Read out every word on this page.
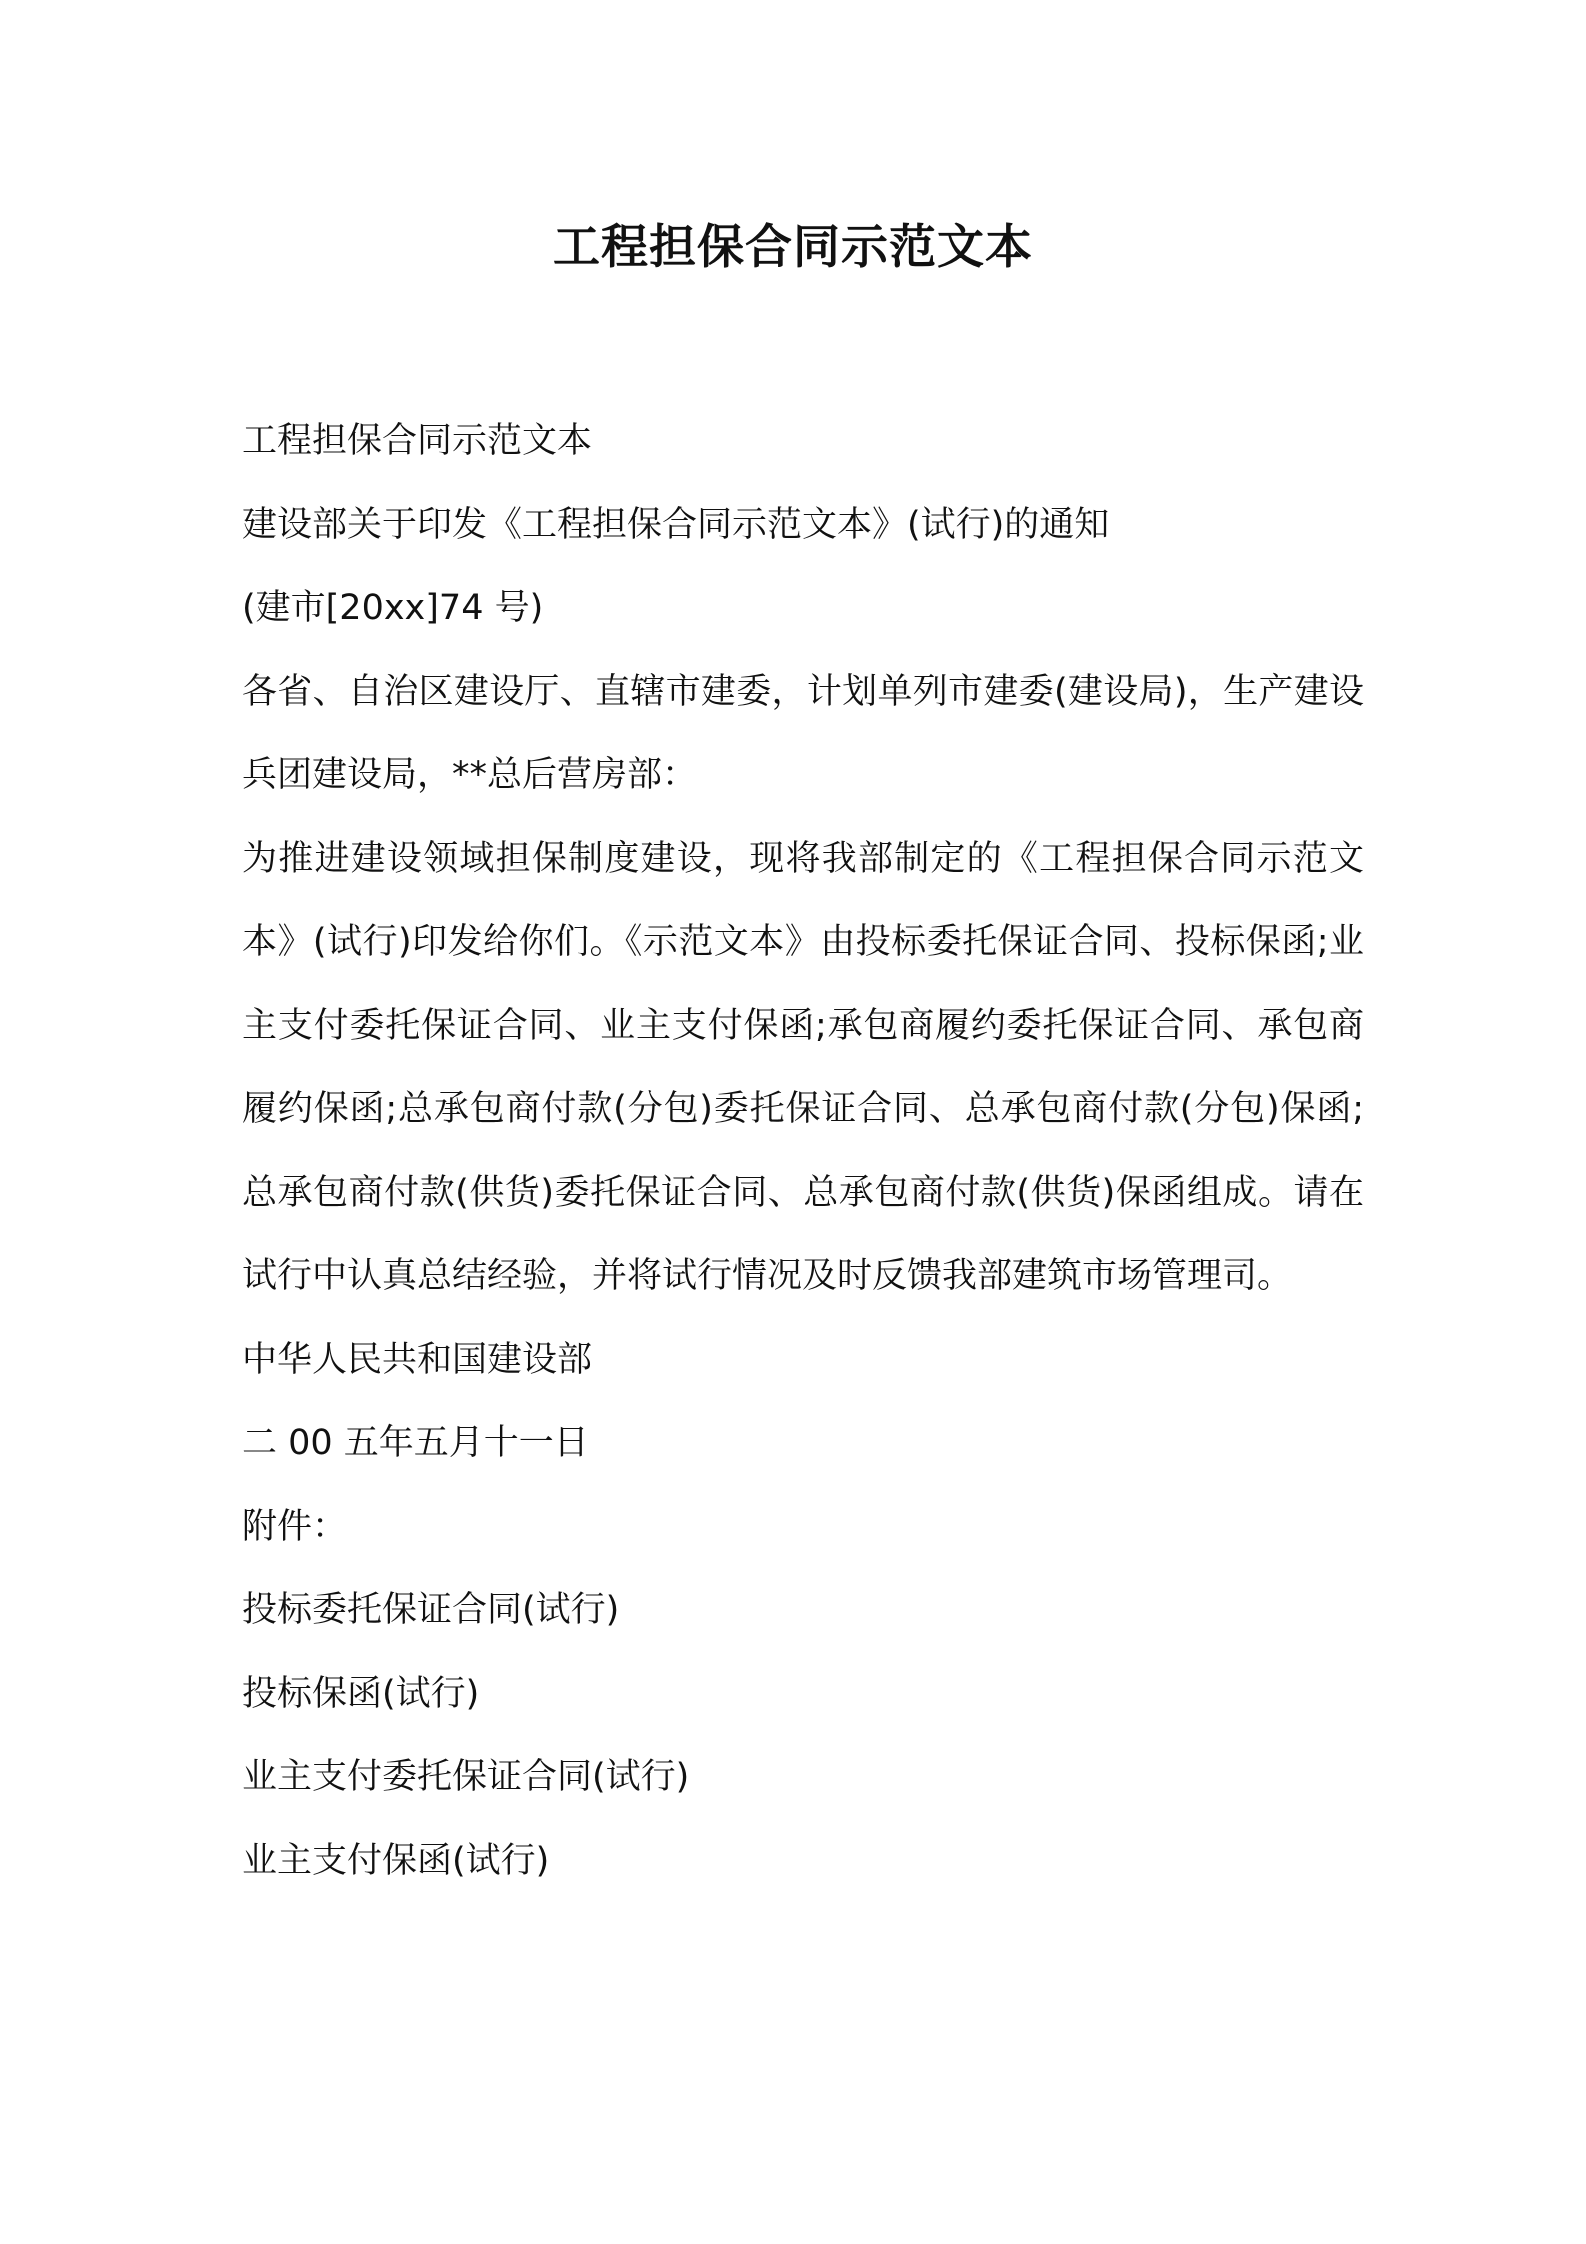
工程担保合同示范文本

工程担保合同示范文本

建设部关于印发《工程担保合同示范文本》(试行)的通知

(建市[20xx]74 号)

各省、自治区建设厅、直辖市建委，计划单列市建委(建设局)，生产建设兵团建设局，**总后营房部：

为推进建设领域担保制度建设，现将我部制定的《工程担保合同示范文本》(试行)印发给你们。《示范文本》由投标委托保证合同、投标保函;业主支付委托保证合同、业主支付保函;承包商履约委托保证合同、承包商履约保函;总承包商付款(分包)委托保证合同、总承包商付款(分包)保函;总承包商付款(供货)委托保证合同、总承包商付款(供货)保函组成。请在试行中认真总结经验，并将试行情况及时反馈我部建筑市场管理司。

中华人民共和国建设部

二 00 五年五月十一日

附件：

投标委托保证合同(试行)

投标保函(试行)

业主支付委托保证合同(试行)

业主支付保函(试行)
